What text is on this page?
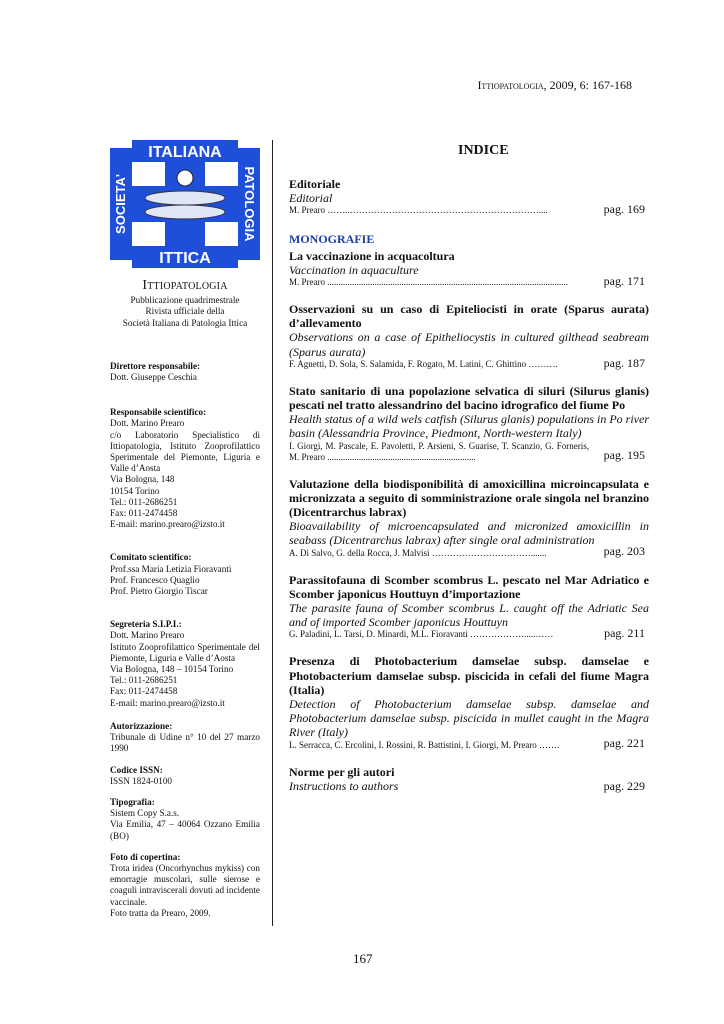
Ittiopatologia, 2009, 6: 167-168
ITALIANA
ITTICA
SOCIETA'	PATOLOGIA
Ittiopatologia
Pubblicazione quadrimestrale
Rivista ufficiale della
Società Italiana di Patologia Ittica
Direttore responsabile:
Dott. Giuseppe Ceschia
Responsabile scientifico:
Dott. Marino Prearo
c/o Laboratorio Specialistico di Ittiopatologia, Istituto Zooprofilattico Sperimentale del Piemonte, Liguria e Valle d’Aosta
Via Bologna, 148
10154 Torino
Tel.: 011-2686251
Fax: 011-2474458
E-mail: marino.prearo@izsto.it
Comitato scientifico:
Prof.ssa Maria Letizia Fioravanti
Prof. Francesco Quaglio
Prof. Pietro Giorgio Tiscar
Segreteria S.I.P.I.:
Dott. Marino Prearo
Istituto Zooprofilattico Sperimentale del Piemonte, Liguria e Valle d’Aosta
Via Bologna, 148 – 10154 Torino
Tel.: 011-2686251
Fax: 011-2474458
E-mail: marino.prearo@izsto.it
Autorizzazione:
Tribunale di Udine n° 10 del 27 marzo 1990
Codice ISSN:
ISSN 1824-0100
Tipografia:
Sistem Copy S.a.s.
Via Emilia, 47 – 40064 Ozzano Emilia (BO)
Foto di copertina:
Trota iridea (Oncorhynchus mykiss) con emorragie muscolari, sulle sierose e coaguli intraviscerali dovuti ad incidente vaccinale.
Foto tratta da Prearo, 2009.
INDICE
Editoriale
Editorial
M. Prearo ……..………………………………………………………....	pag. 169
MONOGRAFIE
La vaccinazione in acquacoltura
Vaccination in aquaculture
M. Prearo ...........................................................................................................	pag. 171
Osservazioni su un caso di Epiteliocisti in orate (Sparus aurata) d’allevamento
Observations on a case of Epitheliocystis in cultured gilthead seabream (Sparus aurata)
F. Agnetti, D. Sola, S. Salamida, F. Rogato, M. Latini, C. Ghittino ……….	pag. 187
Stato sanitario di una popolazione selvatica di siluri (Silurus glanis) pescati nel tratto alessandrino del bacino idrografico del fiume Po
Health status of a wild wels catfish (Silurus glanis) populations in Po river basin (Alessandria Province, Piedmont, North-western Italy)
I. Giorgi, M. Pascale, E. Pavoletti, P. Arsieni, S. Guarise, T. Scanzio, G. Forneris, M. Prearo ..................................................................	pag. 195
Valutazione della biodisponibilità di amoxicillina microincapsulata e micronizzata a seguito di somministrazione orale singola nel branzino (Dicentrarchus labrax)
Bioavailability of microencapsulated and micronized amoxicillin in seabass (Dicentrarchus labrax) after single oral administration
A. Di Salvo, G. della Rocca, J. Malvisi …………………………….......	pag. 203
Parassitofauna di Scomber scombrus L. pescato nel Mar Adriatico e Scomber japonicus Houttuyn d’importazione
The parasite fauna of Scomber scombrus L. caught off the Adriatic Sea and of imported Scomber japonicus Houttuyn
G. Paladini, L. Tarsi, D. Minardi, M.L. Fioravanti ……………….....……	pag. 211
Presenza di Photobacterium damselae subsp. damselae e Photobacterium damselae subsp. piscicida in cefali del fiume Magra (Italia)
Detection of Photobacterium damselae subsp. damselae and Photobacterium damselae subsp. piscicida in mullet caught in the Magra River (Italy)
L. Serracca, C. Ercolini, I. Rossini, R. Battistini, I. Giorgi, M. Prearo …….	pag. 221
Norme per gli autori
Instructions to authors	pag. 229
167
